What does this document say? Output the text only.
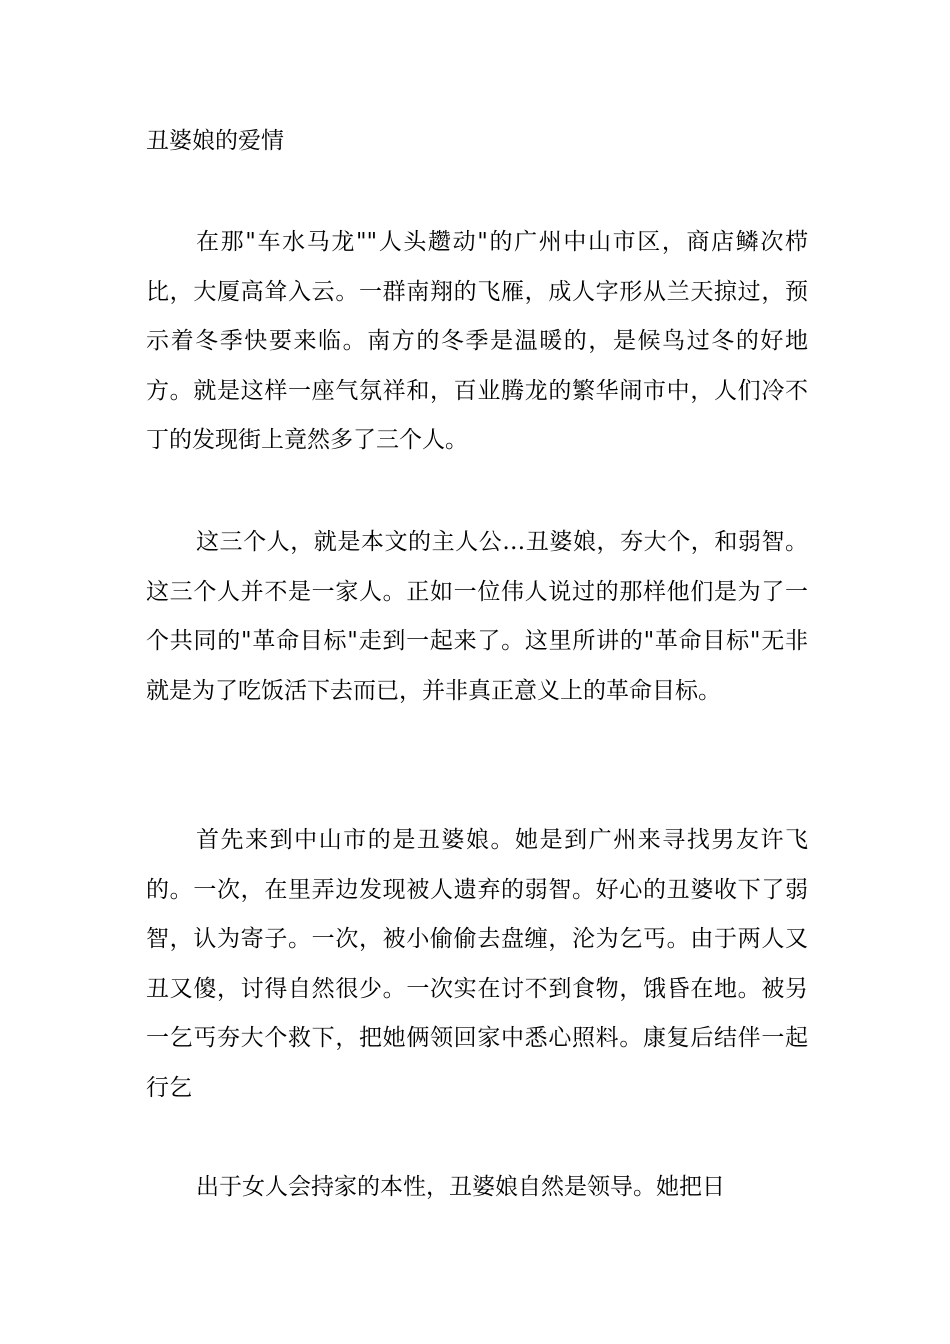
丑婆娘的爱情

在那"车水马龙""人头趱动"的广州中山市区，商店鳞次栉比，大厦高耸入云。一群南翔的飞雁，成人字形从兰天掠过，预示着冬季快要来临。南方的冬季是温暖的，是候鸟过冬的好地方。就是这样一座气氛祥和，百业腾龙的繁华闹市中，人们冷不丁的发现街上竟然多了三个人。

这三个人，就是本文的主人公…丑婆娘，夯大个，和弱智。这三个人并不是一家人。正如一位伟人说过的那样他们是为了一个共同的"革命目标"走到一起来了。这里所讲的"革命目标"无非就是为了吃饭活下去而已，并非真正意义上的革命目标。

首先来到中山市的是丑婆娘。她是到广州来寻找男友许飞的。一次，在里弄边发现被人遗弃的弱智。好心的丑婆收下了弱智，认为寄子。一次，被小偷偷去盘缠，沦为乞丐。由于两人又丑又傻，讨得自然很少。一次实在讨不到食物，饿昏在地。被另一乞丐夯大个救下，把她俩领回家中悉心照料。康复后结伴一起行乞

出于女人会持家的本性，丑婆娘自然是领导。她把日
